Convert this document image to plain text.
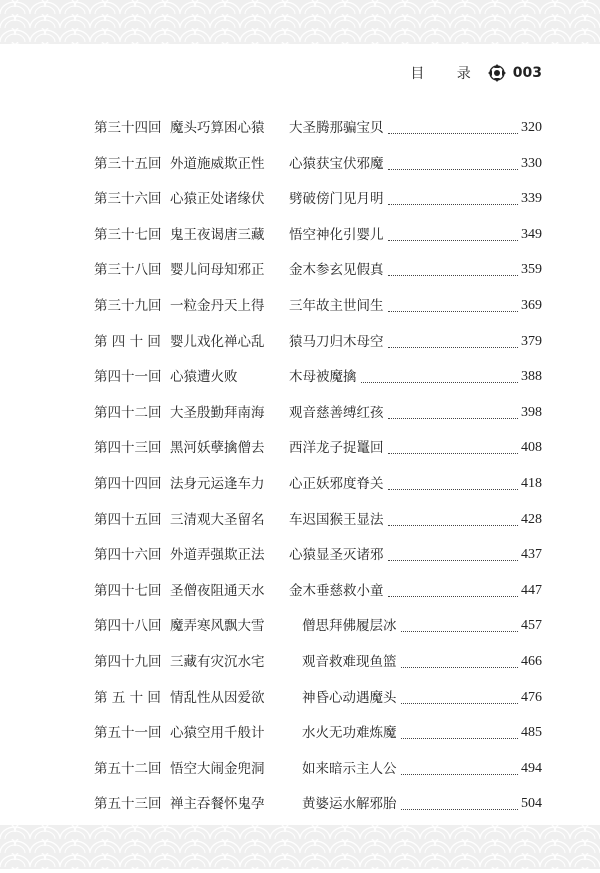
目 录 003
第三十四回 魔头巧算困心猿 大圣腾那骗宝贝	320
第三十五回 外道施威欺正性 心猿获宝伏邪魔	330
第三十六回 心猿正处诸缘伏 劈破傍门见月明	339
第三十七回 鬼王夜谒唐三藏 悟空神化引婴儿	349
第三十八回 婴儿问母知邪正 金木参玄见假真	359
第三十九回 一粒金丹天上得 三年故主世间生	369
第 四 十 回 婴儿戏化禅心乱 猿马刀归木母空	379
第四十一回 心猿遭火败	木母被魔擒	388
第四十二回 大圣殷勤拜南海 观音慈善缚红孩	398
第四十三回 黑河妖孽擒僧去 西洋龙子捉鼍回	408
第四十四回 法身元运逢车力 心正妖邪度脊关	418
第四十五回 三清观大圣留名 车迟国猴王显法	428
第四十六回 外道弄强欺正法 心猿显圣灭诸邪	437
第四十七回 圣僧夜阻通天水 金木垂慈救小童	447
第四十八回 魔弄寒风飘大雪	僧思拜佛履层冰	457
第四十九回 三藏有灾沉水宅	观音救难现鱼篮	466
第 五 十 回 情乱性从因爱欲	神昏心动遇魔头	476
第五十一回 心猿空用千般计	水火无功难炼魔	485
第五十二回 悟空大闹金兜洞	如来暗示主人公	494
第五十三回 禅主吞餐怀鬼孕	黄婆运水解邪胎	504
